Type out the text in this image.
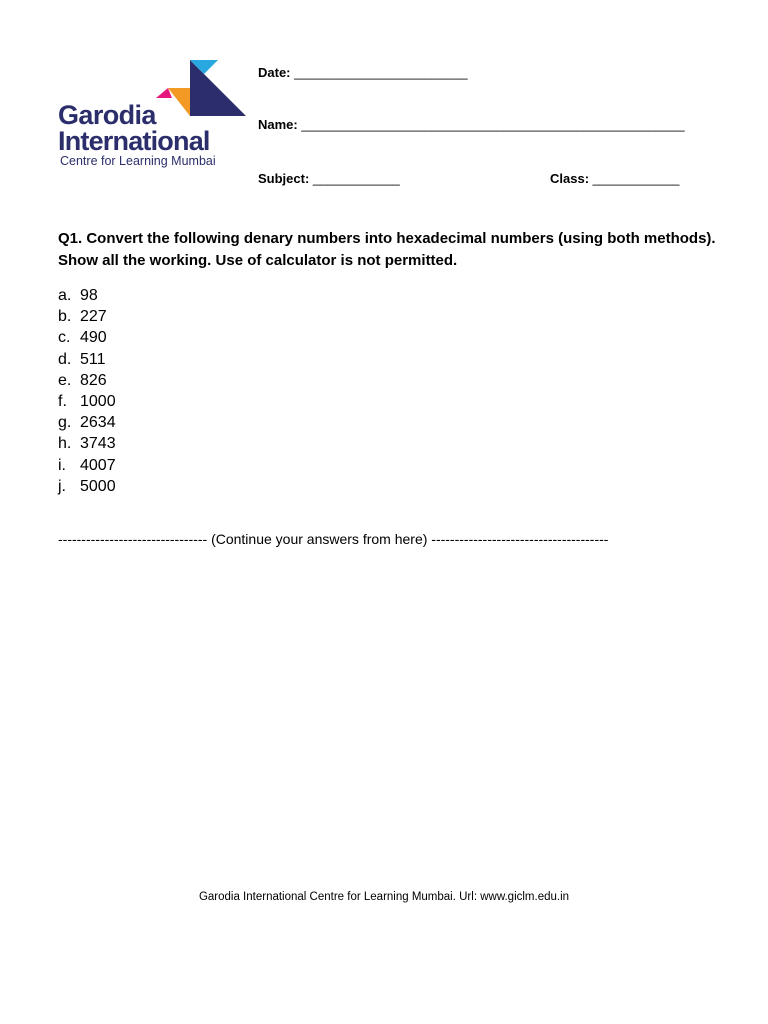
Garodia
International
Centre for Learning Mumbai
Date: ________________________
Name: _____________________________________________________
Subject: ____________	Class: ____________
Q1. Convert the following denary numbers into hexadecimal numbers (using both methods). Show all the working. Use of calculator is not permitted.
a. 98
b. 227
c. 490
d. 511
e. 826
f. 1000
g. 2634
h. 3743
i. 4007
j. 5000
-------------------------------- (Continue your answers from here) --------------------------------------
Garodia International Centre for Learning Mumbai. Url: www.giclm.edu.in
